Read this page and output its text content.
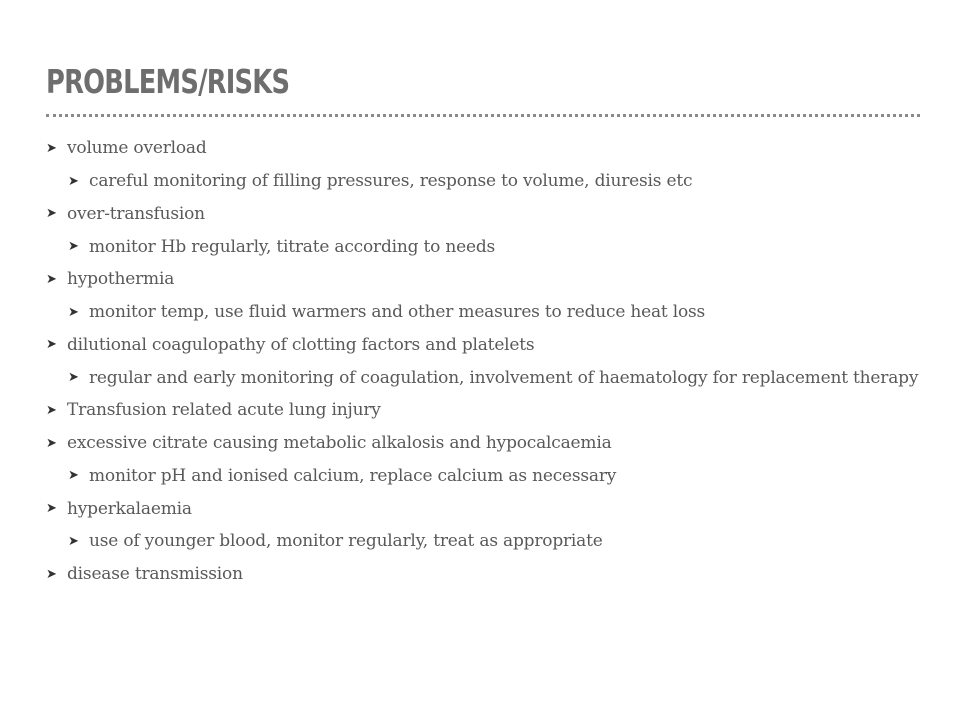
PROBLEMS/RISKS
➤ volume overload
➤ careful monitoring of filling pressures, response to volume, diuresis etc
➤ over-transfusion
➤ monitor Hb regularly, titrate according to needs
➤ hypothermia
➤ monitor temp, use fluid warmers and other measures to reduce heat loss
➤ dilutional coagulopathy of clotting factors and platelets
➤ regular and early monitoring of coagulation, involvement of haematology for replacement therapy
➤ Transfusion related acute lung injury
➤ excessive citrate causing metabolic alkalosis and hypocalcaemia
➤ monitor pH and ionised calcium, replace calcium as necessary
➤ hyperkalaemia
➤ use of younger blood, monitor regularly, treat as appropriate
➤ disease transmission
